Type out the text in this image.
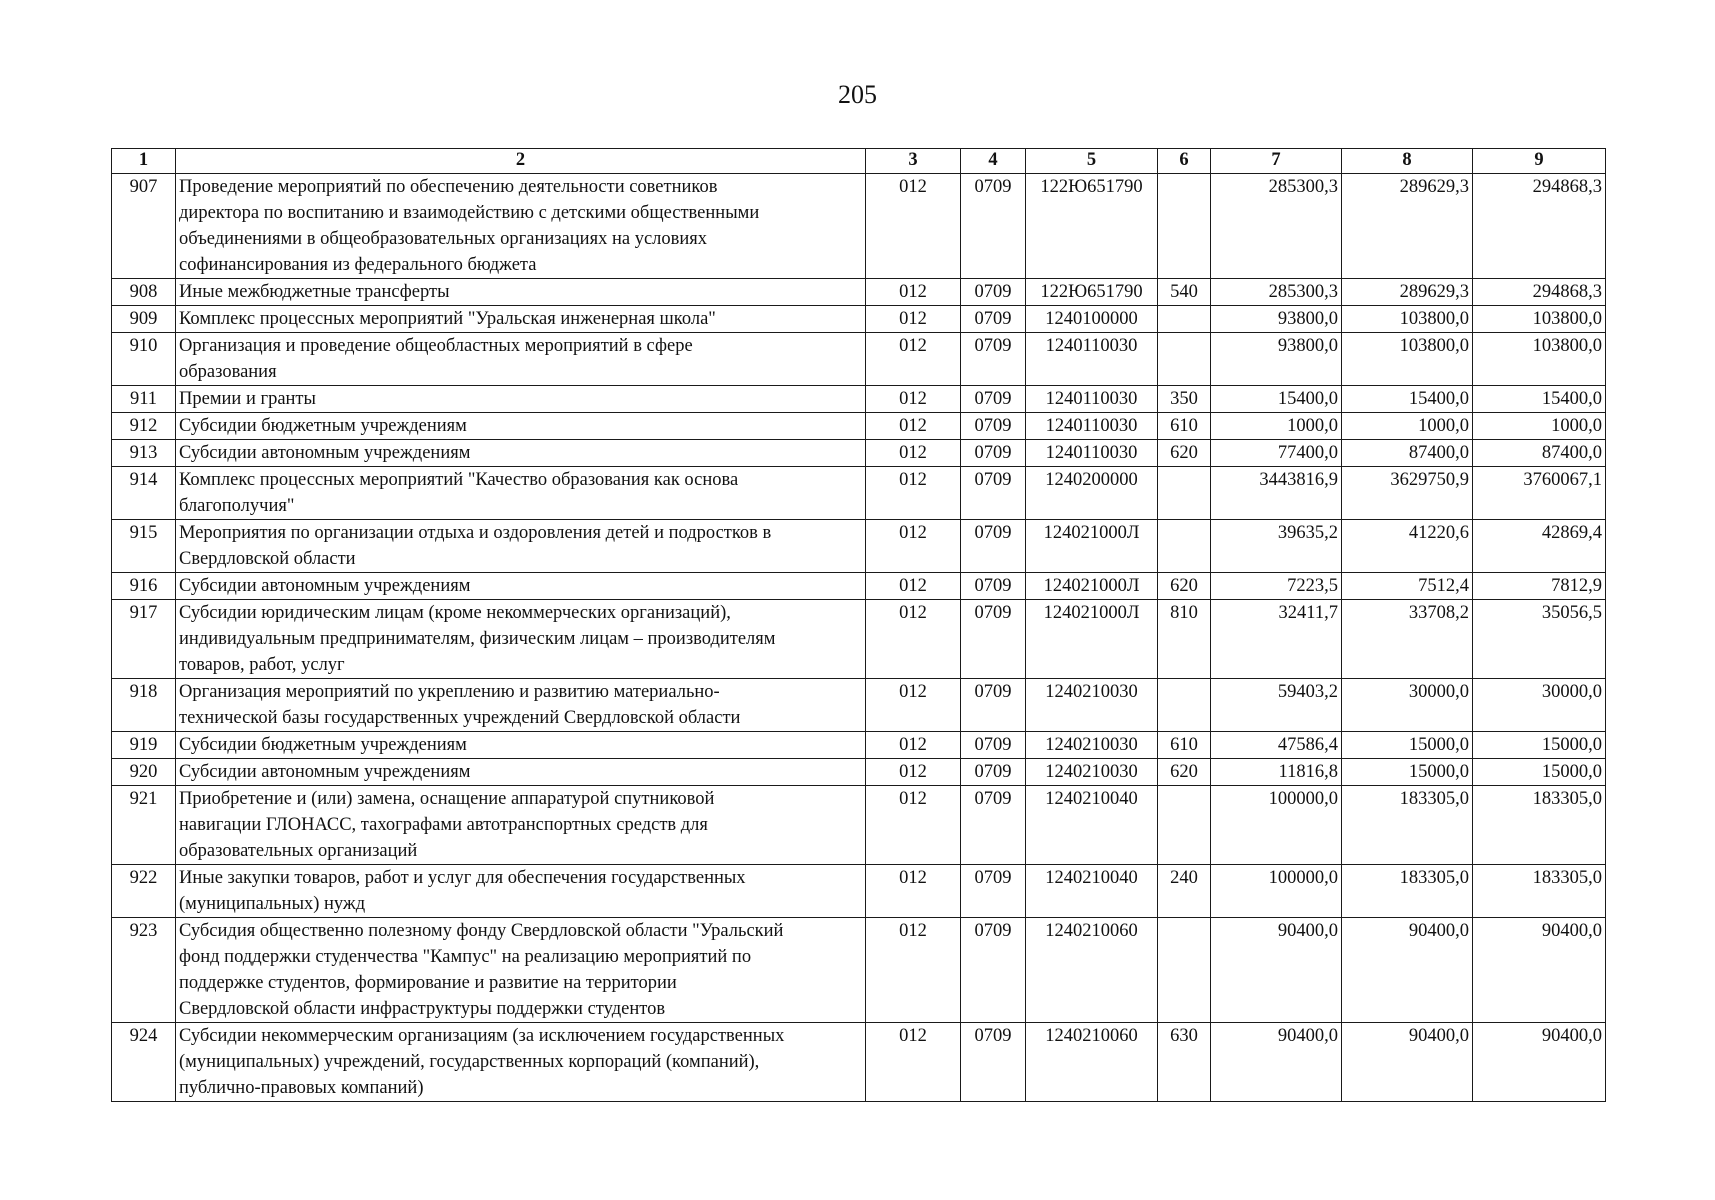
205
1	2	3	4	5	6	7	8	9
907	Проведение мероприятий по обеспечению деятельности советников
директора по воспитанию и взаимодействию с детскими общественными
объединениями в общеобразовательных организациях на условиях
софинансирования из федерального бюджета	012	0709	122Ю651790		285300,3	289629,3	294868,3
908	Иные межбюджетные трансферты	012	0709	122Ю651790	540	285300,3	289629,3	294868,3
909	Комплекс процессных мероприятий "Уральская инженерная школа"	012	0709	1240100000		93800,0	103800,0	103800,0
910	Организация и проведение общеобластных мероприятий в сфере
образования	012	0709	1240110030		93800,0	103800,0	103800,0
911	Премии и гранты	012	0709	1240110030	350	15400,0	15400,0	15400,0
912	Субсидии бюджетным учреждениям	012	0709	1240110030	610	1000,0	1000,0	1000,0
913	Субсидии автономным учреждениям	012	0709	1240110030	620	77400,0	87400,0	87400,0
914	Комплекс процессных мероприятий "Качество образования как основа
благополучия"	012	0709	1240200000		3443816,9	3629750,9	3760067,1
915	Мероприятия по организации отдыха и оздоровления детей и подростков в
Свердловской области	012	0709	124021000Л		39635,2	41220,6	42869,4
916	Субсидии автономным учреждениям	012	0709	124021000Л	620	7223,5	7512,4	7812,9
917	Субсидии юридическим лицам (кроме некоммерческих организаций),
индивидуальным предпринимателям, физическим лицам – производителям
товаров, работ, услуг	012	0709	124021000Л	810	32411,7	33708,2	35056,5
918	Организация мероприятий по укреплению и развитию материально-
технической базы государственных учреждений Свердловской области	012	0709	1240210030		59403,2	30000,0	30000,0
919	Субсидии бюджетным учреждениям	012	0709	1240210030	610	47586,4	15000,0	15000,0
920	Субсидии автономным учреждениям	012	0709	1240210030	620	11816,8	15000,0	15000,0
921	Приобретение и (или) замена, оснащение аппаратурой спутниковой
навигации ГЛОНАСС, тахографами автотранспортных средств для
образовательных организаций	012	0709	1240210040		100000,0	183305,0	183305,0
922	Иные закупки товаров, работ и услуг для обеспечения государственных
(муниципальных) нужд	012	0709	1240210040	240	100000,0	183305,0	183305,0
923	Субсидия общественно полезному фонду Свердловской области "Уральский
фонд поддержки студенчества "Кампус" на реализацию мероприятий по
поддержке студентов, формирование и развитие на территории
Свердловской области инфраструктуры поддержки студентов	012	0709	1240210060		90400,0	90400,0	90400,0
924	Субсидии некоммерческим организациям (за исключением государственных
(муниципальных) учреждений, государственных корпораций (компаний),
публично-правовых компаний)	012	0709	1240210060	630	90400,0	90400,0	90400,0
